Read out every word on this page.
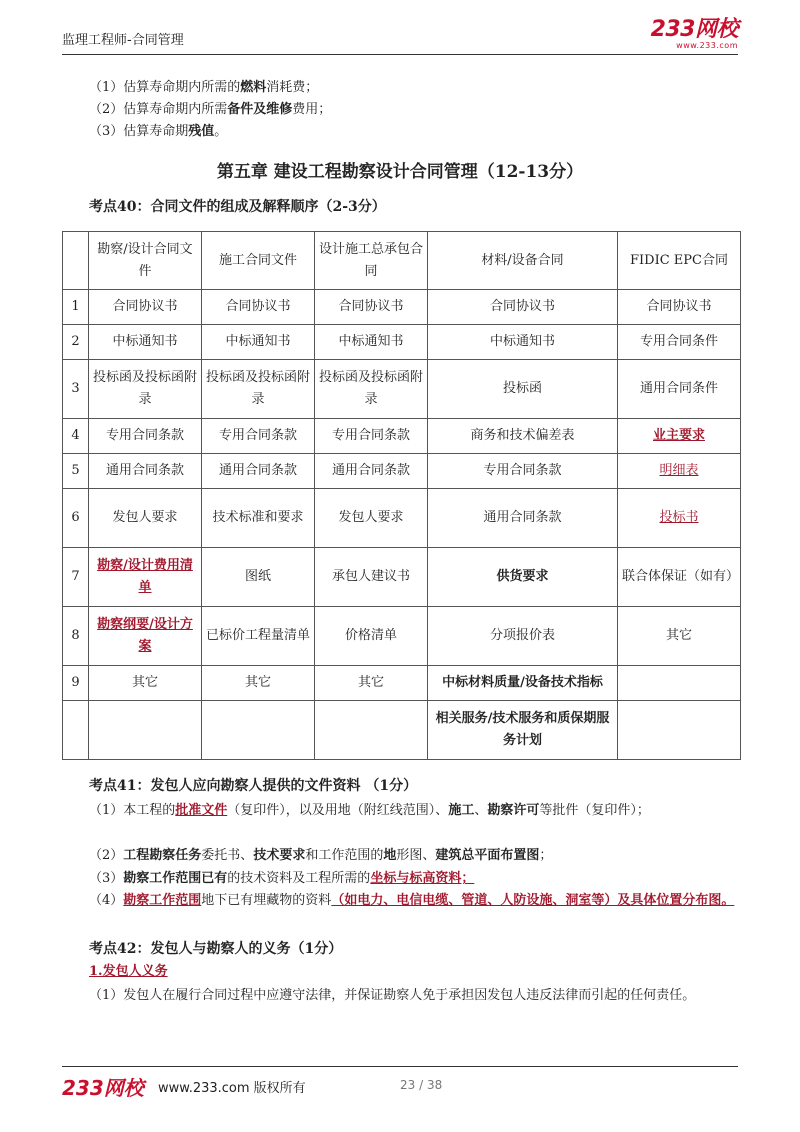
监理工程师-合同管理	233网校
www.233.com
（1）估算寿命期内所需的燃料消耗费；
（2）估算寿命期内所需备件及维修费用；
（3）估算寿命期残值。
第五章 建设工程勘察设计合同管理（12-13分）
考点40：合同文件的组成及解释顺序（2-3分）
	勘察/设计合同文件	施工合同文件	设计施工总承包合同	材料/设备合同	FIDIC EPC合同
1	合同协议书	合同协议书	合同协议书	合同协议书	合同协议书
2	中标通知书	中标通知书	中标通知书	中标通知书	专用合同条件
3	投标函及投标函附录	投标函及投标函附录	投标函及投标函附录	投标函	通用合同条件
4	专用合同条款	专用合同条款	专用合同条款	商务和技术偏差表	业主要求
5	通用合同条款	通用合同条款	通用合同条款	专用合同条款	明细表
6	发包人要求	技术标准和要求	发包人要求	通用合同条款	投标书
7	勘察/设计费用清单	图纸	承包人建议书	供货要求	联合体保证（如有）
8	勘察纲要/设计方案	已标价工程量清单	价格清单	分项报价表	其它
9	其它	其它	其它	中标材料质量/设备技术指标	
				相关服务/技术服务和质保期服务计划	
考点41：发包人应向勘察人提供的文件资料 （1分）
（1）本工程的批准文件（复印件），以及用地（附红线范围）、施工、勘察许可等批件（复印件）；
（2）工程勘察任务委托书、技术要求和工作范围的地形图、建筑总平面布置图；
（3）勘察工作范围已有的技术资料及工程所需的坐标与标高资料；
（4）勘察工作范围地下已有埋藏物的资料（如电力、电信电缆、管道、人防设施、洞室等）及具体位置分布图。
考点42：发包人与勘察人的义务（1分）
1.发包人义务
（1）发包人在履行合同过程中应遵守法律，并保证勘察人免于承担因发包人违反法律而引起的任何责任。
233网校 www.233.com 版权所有	23 / 38
